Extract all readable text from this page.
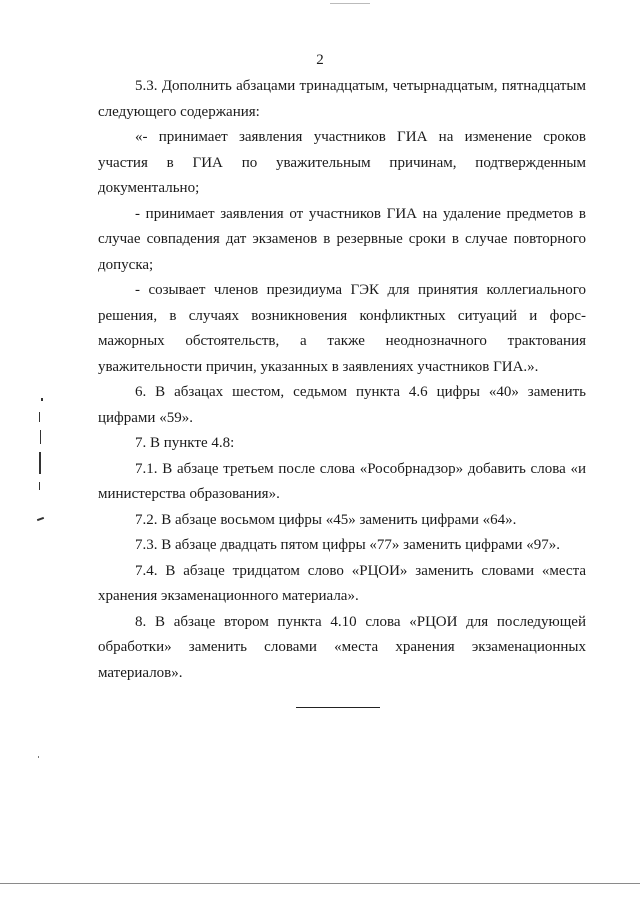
2

5.3. Дополнить абзацами тринадцатым, четырнадцатым, пятнадцатым следующего содержания:

«- принимает заявления участников ГИА на изменение сроков участия в ГИА по уважительным причинам, подтвержденным документально;

- принимает заявления от участников ГИА на удаление предметов в случае совпадения дат экзаменов в резервные сроки в случае повторного допуска;

- созывает членов президиума ГЭК для принятия коллегиального решения, в случаях возникновения конфликтных ситуаций и форс-мажорных обстоятельств, а также неоднозначного трактования уважительности причин, указанных в заявлениях участников ГИА.».

6. В абзацах шестом, седьмом пункта 4.6 цифры «40» заменить цифрами «59».

7. В пункте 4.8:

7.1. В абзаце третьем после слова «Рособрнадзор» добавить слова «и министерства образования».

7.2. В абзаце восьмом цифры «45» заменить цифрами «64».

7.3. В абзаце двадцать пятом цифры «77» заменить цифрами «97».

7.4. В абзаце тридцатом слово «РЦОИ» заменить словами «места хранения экзаменационного материала».

8. В абзаце втором пункта 4.10 слова «РЦОИ для последующей обработки» заменить словами «места хранения экзаменационных материалов».
